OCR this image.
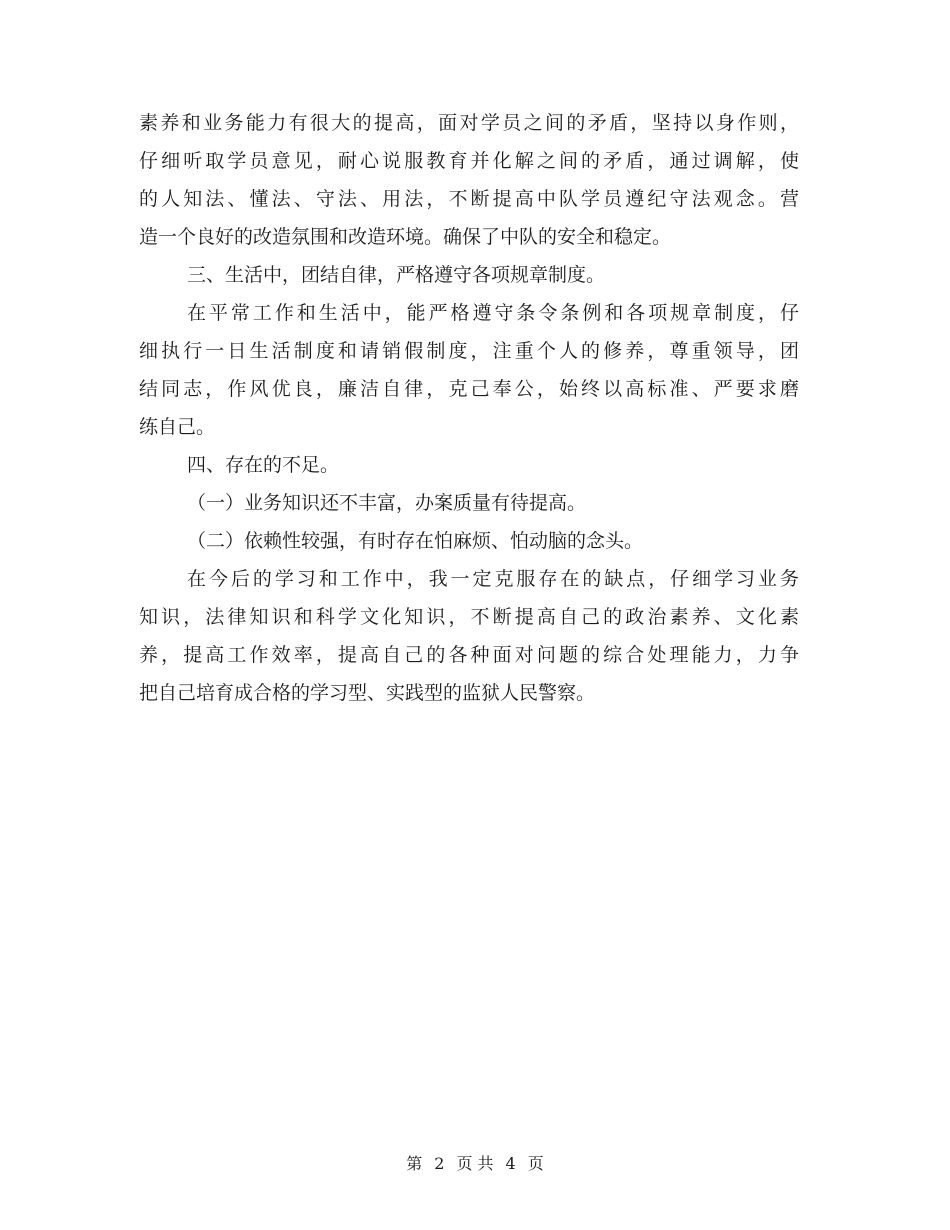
素养和业务能力有很大的提高，面对学员之间的矛盾，坚持以身作则，
仔细听取学员意见，耐心说服教育并化解之间的矛盾，通过调解，使
的人知法、懂法、守法、用法，不断提高中队学员遵纪守法观念。营
造一个良好的改造氛围和改造环境。确保了中队的安全和稳定。
三、生活中，团结自律，严格遵守各项规章制度。
在平常工作和生活中，能严格遵守条令条例和各项规章制度，仔
细执行一日生活制度和请销假制度，注重个人的修养，尊重领导，团
结同志，作风优良，廉洁自律，克己奉公，始终以高标准、严要求磨
练自己。
四、存在的不足。
（一）业务知识还不丰富，办案质量有待提高。
（二）依赖性较强，有时存在怕麻烦、怕动脑的念头。
在今后的学习和工作中，我一定克服存在的缺点，仔细学习业务
知识，法律知识和科学文化知识，不断提高自己的政治素养、文化素
养，提高工作效率，提高自己的各种面对问题的综合处理能力，力争
把自己培育成合格的学习型、实践型的监狱人民警察。
第 2 页 共 4 页
